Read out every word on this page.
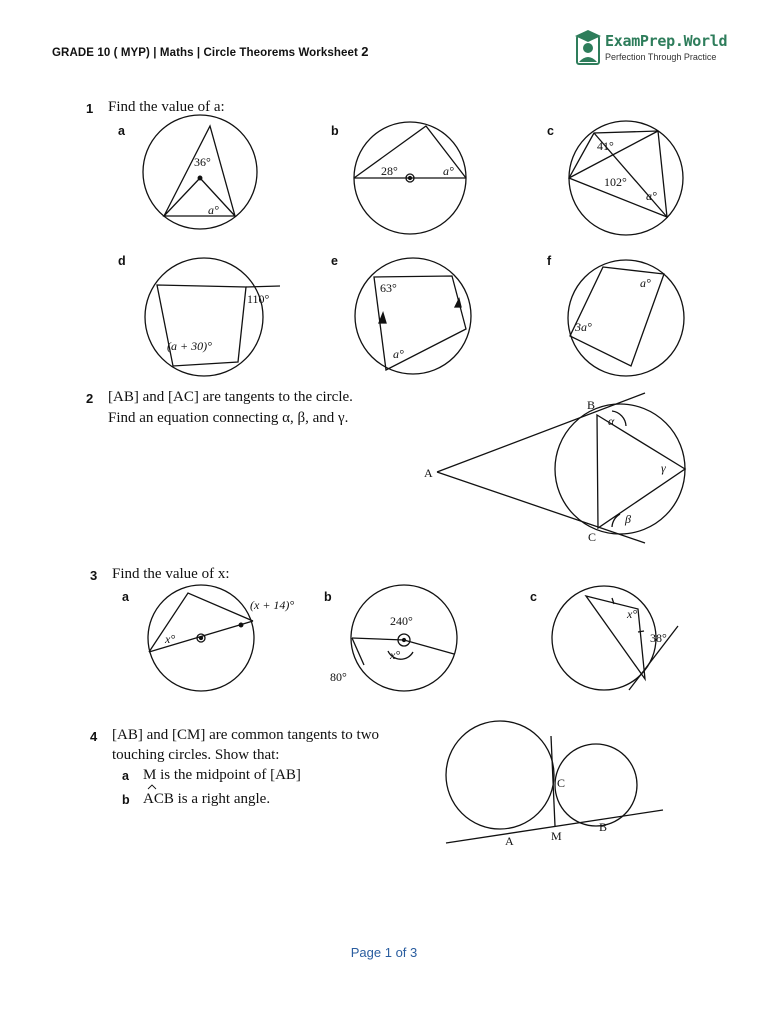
GRADE 10 ( MYP) | Maths | Circle Theorems Worksheet 2
ExamPrep.World
Perfection Through Practice
1 Find the value of a:
a	b	c
d	e	f
2 [AB] and [AC] are tangents to the circle.
Find an equation connecting α, β, and γ.
3 Find the value of x:
a	b	c
4 [AB] and [CM] are common tangents to two
touching circles. Show that:
a M is the midpoint of [AB]
b ACB is a right angle.
36°
a°
28°	a°
41°
102°
a°
110°
(a + 30)°
63°
a°
a°
3a°
A
B
C
α
β
γ
(x + 14)°
x°
240°
80°
x°
x°
38°
A	M
B
C
Page 1 of 3
